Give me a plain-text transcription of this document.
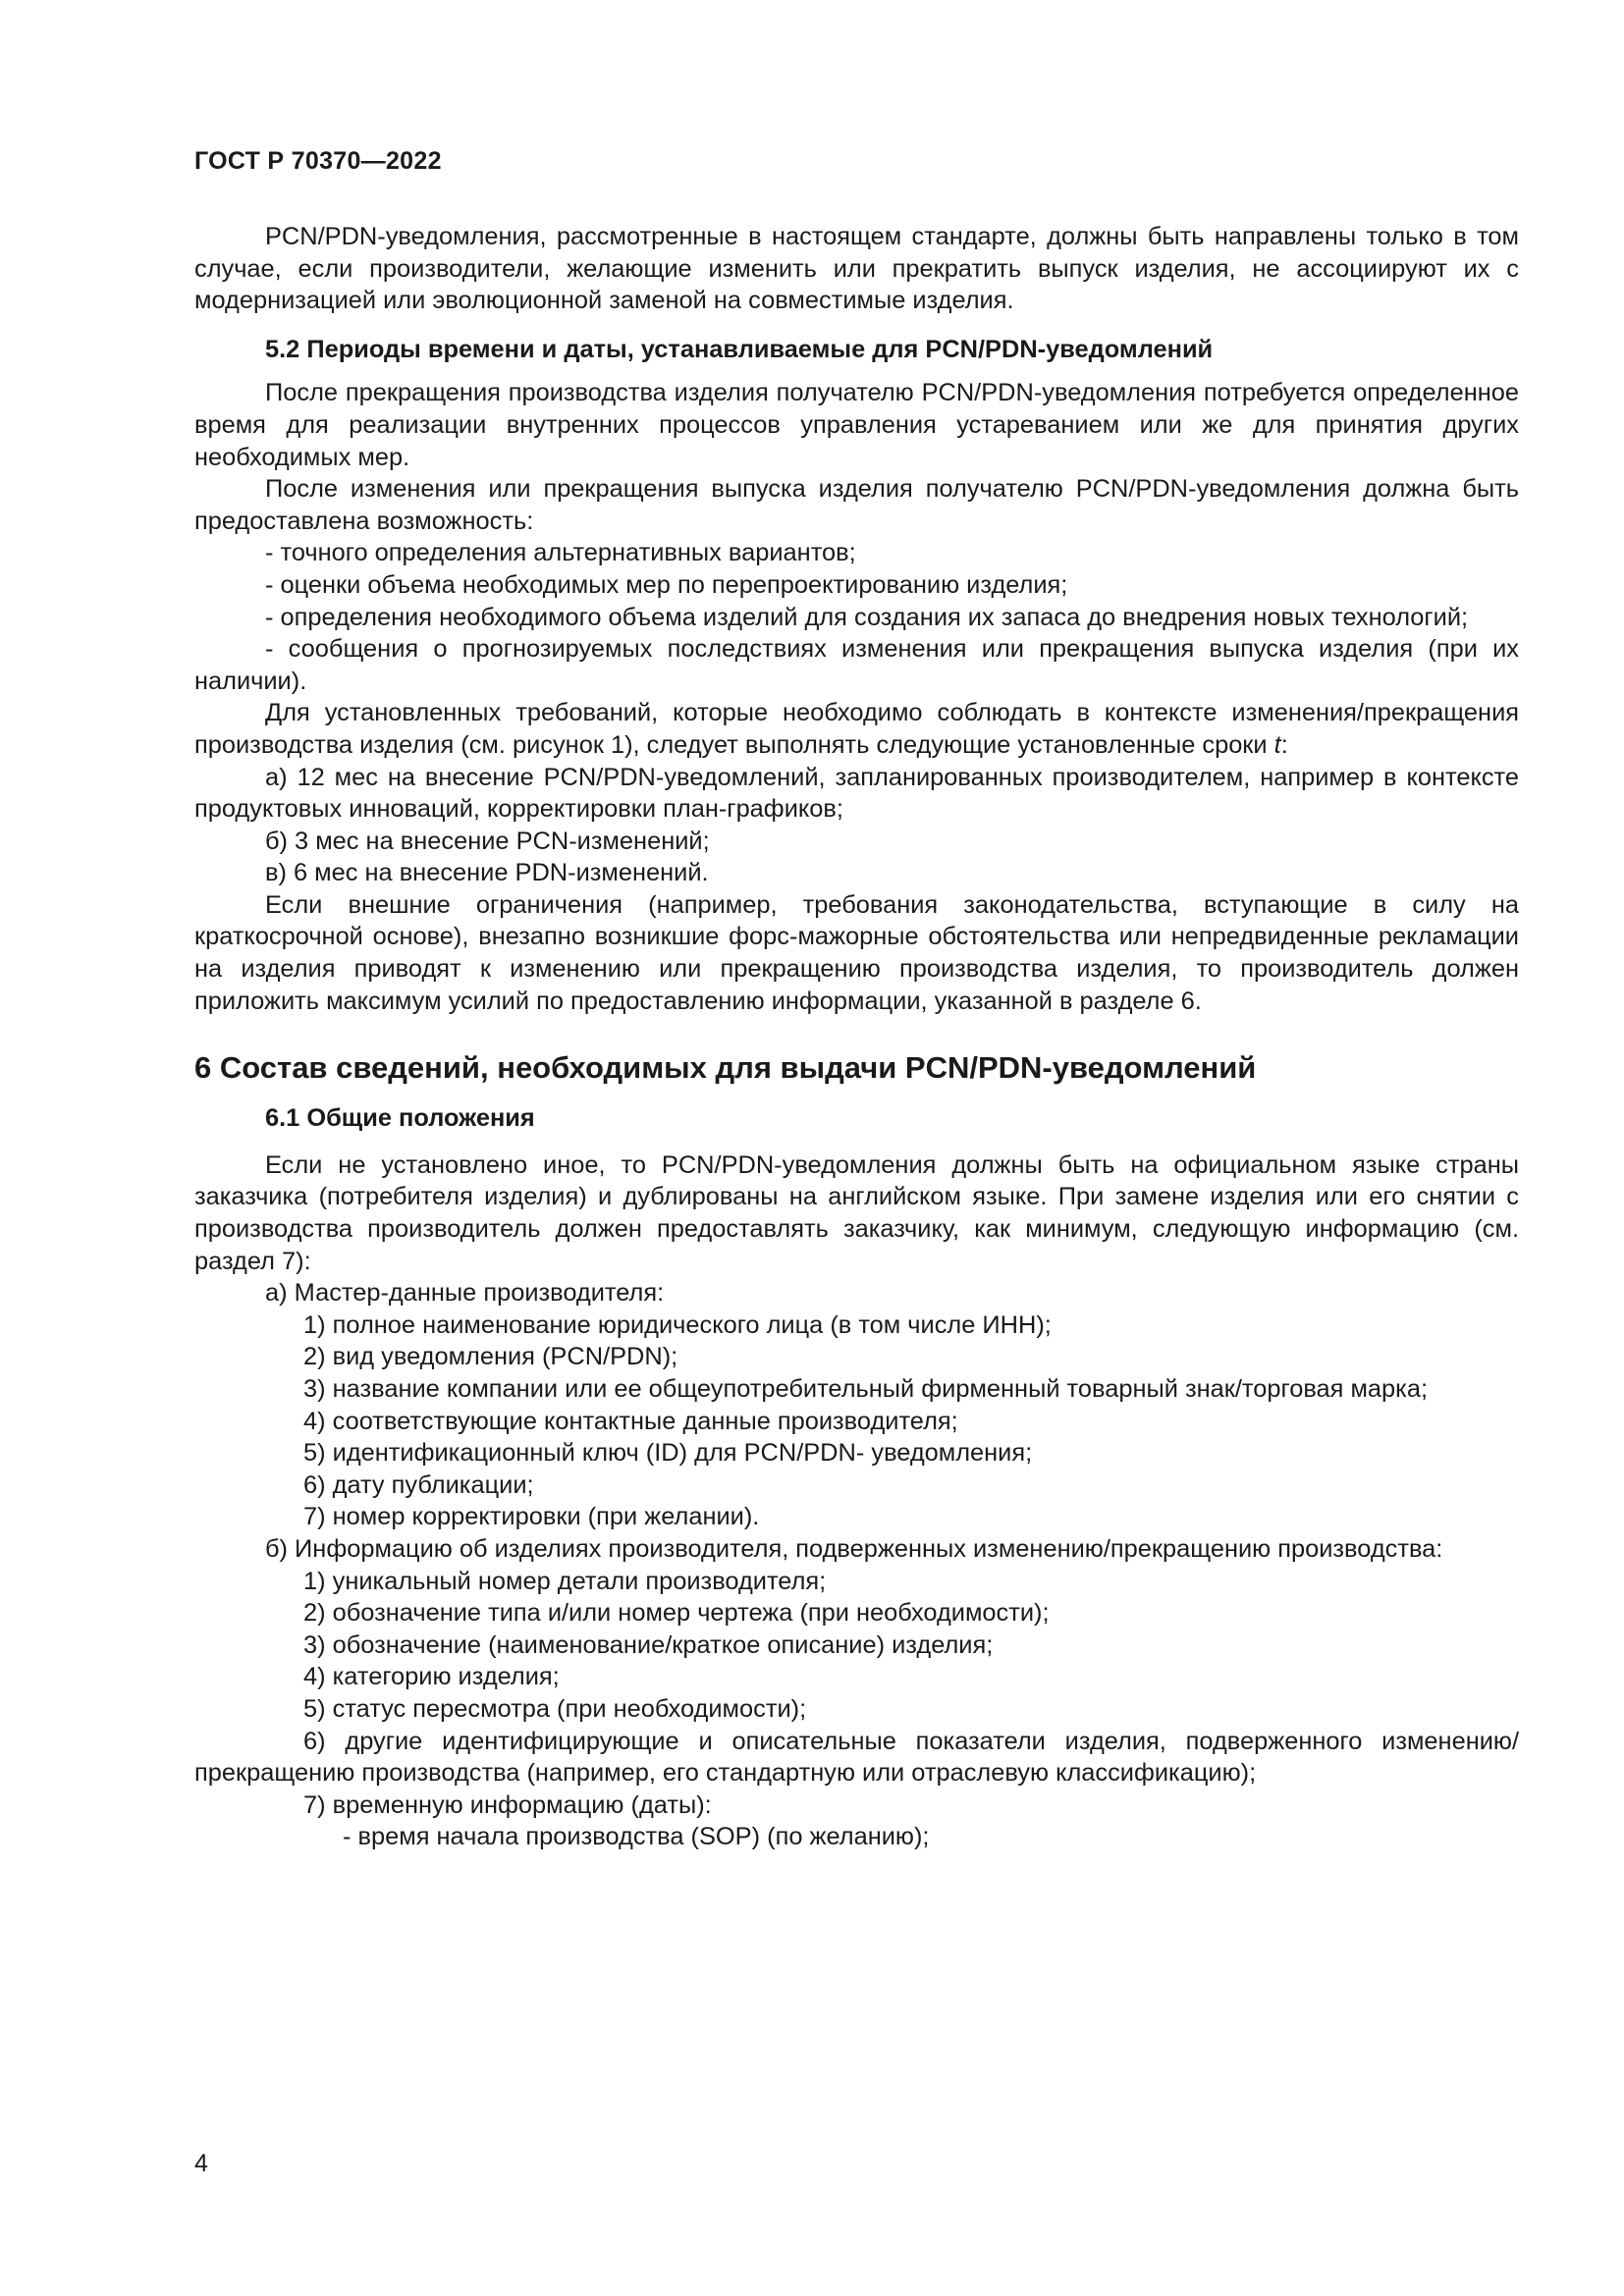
ГОСТ Р 70370—2022

PCN/PDN-уведомления, рассмотренные в настоящем стандарте, должны быть направлены только в том случае, если производители, желающие изменить или прекратить выпуск изделия, не ассоциируют их с модернизацией или эволюционной заменой на совместимые изделия.

5.2 Периоды времени и даты, устанавливаемые для PCN/PDN-уведомлений

После прекращения производства изделия получателю PCN/PDN-уведомления потребуется определенное время для реализации внутренних процессов управления устареванием или же для принятия других необходимых мер.

После изменения или прекращения выпуска изделия получателю PCN/PDN-уведомления должна быть предоставлена возможность:

- точного определения альтернативных вариантов;

- оценки объема необходимых мер по перепроектированию изделия;

- определения необходимого объема изделий для создания их запаса до внедрения новых технологий;

- сообщения о прогнозируемых последствиях изменения или прекращения выпуска изделия (при их наличии).

Для установленных требований, которые необходимо соблюдать в контексте изменения/прекращения производства изделия (см. рисунок 1), следует выполнять следующие установленные сроки t:

а) 12 мес на внесение PCN/PDN-уведомлений, запланированных производителем, например в контексте продуктовых инноваций, корректировки план-графиков;

б) 3 мес на внесение PCN-изменений;

в) 6 мес на внесение PDN-изменений.

Если внешние ограничения (например, требования законодательства, вступающие в силу на краткосрочной основе), внезапно возникшие форс-мажорные обстоятельства или непредвиденные рекламации на изделия приводят к изменению или прекращению производства изделия, то производитель должен приложить максимум усилий по предоставлению информации, указанной в разделе 6.

6 Состав сведений, необходимых для выдачи PCN/PDN-уведомлений

6.1 Общие положения

Если не установлено иное, то PCN/PDN-уведомления должны быть на официальном языке страны заказчика (потребителя изделия) и дублированы на английском языке. При замене изделия или его снятии с производства производитель должен предоставлять заказчику, как минимум, следующую информацию (см. раздел 7):

а) Мастер-данные производителя:

1) полное наименование юридического лица (в том числе ИНН);

2) вид уведомления (PCN/PDN);

3) название компании или ее общеупотребительный фирменный товарный знак/торговая марка;

4) соответствующие контактные данные производителя;

5) идентификационный ключ (ID) для PCN/PDN- уведомления;

6) дату публикации;

7) номер корректировки (при желании).

б) Информацию об изделиях производителя, подверженных изменению/прекращению производства:

1) уникальный номер детали производителя;

2) обозначение типа и/или номер чертежа (при необходимости);

3) обозначение (наименование/краткое описание) изделия;

4) категорию изделия;

5) статус пересмотра (при необходимости);

6) другие идентифицирующие и описательные показатели изделия, подверженного изменению/прекращению производства (например, его стандартную или отраслевую классификацию);

7) временную информацию (даты):

- время начала производства (SOP) (по желанию);

4
